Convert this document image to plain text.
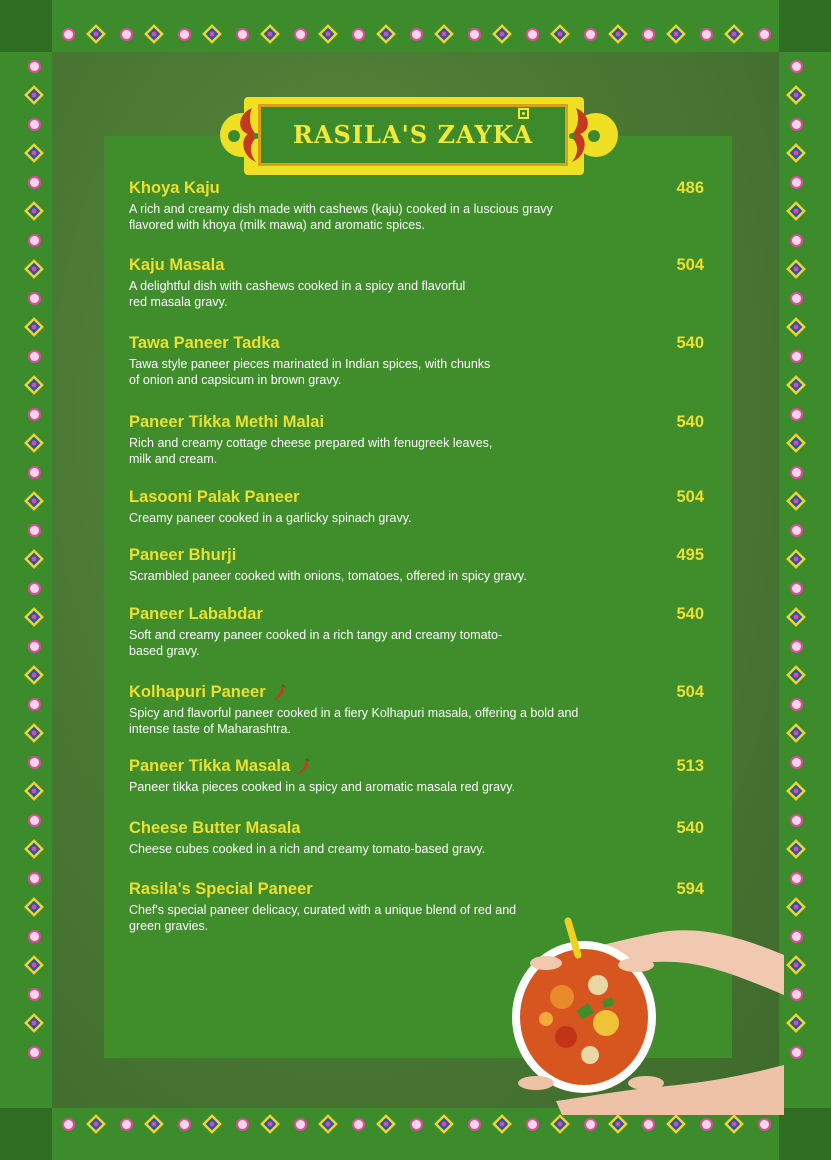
RASILA'S ZAYKA
Khoya Kaju	486
A rich and creamy dish made with cashews (kaju) cooked in a luscious gravy flavored with khoya (milk mawa) and aromatic spices.
Kaju Masala	504
A delightful dish with cashews cooked in a spicy and flavorful red masala gravy.
Tawa Paneer Tadka	540
Tawa style paneer pieces marinated in Indian spices, with chunks of onion and capsicum in brown gravy.
Paneer Tikka Methi Malai	540
Rich and creamy cottage cheese prepared with fenugreek leaves, milk and cream.
Lasooni Palak Paneer	504
Creamy paneer cooked in a garlicky spinach gravy.
Paneer Bhurji	495
Scrambled paneer cooked with onions, tomatoes, offered in spicy gravy.
Paneer Lababdar	540
Soft and creamy paneer cooked in a rich tangy and creamy tomato-based gravy.
Kolhapuri Paneer	504
Spicy and flavorful paneer cooked in a fiery Kolhapuri masala, offering a bold and intense taste of Maharashtra.
Paneer Tikka Masala	513
Paneer tikka pieces cooked in a spicy and aromatic masala red gravy.
Cheese Butter Masala	540
Cheese cubes cooked in a rich and creamy tomato-based gravy.
Rasila's Special Paneer	594
Chef's special paneer delicacy, curated with a unique blend of red and green gravies.
